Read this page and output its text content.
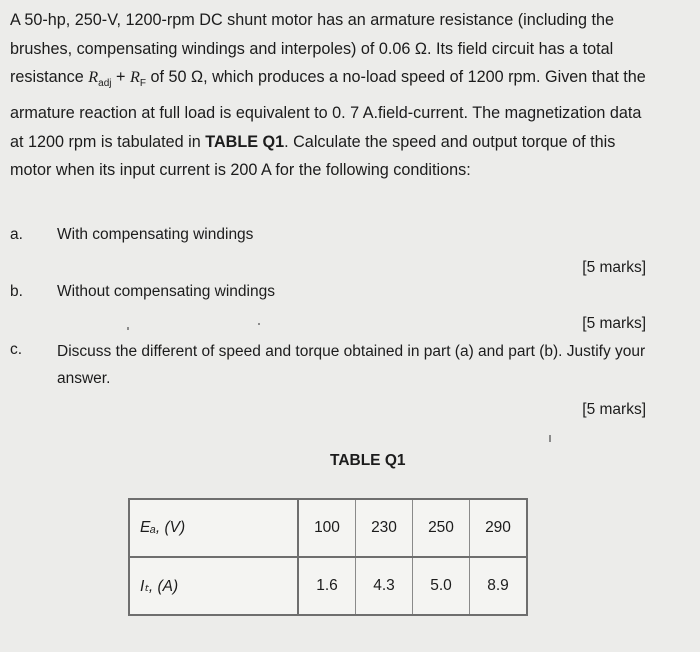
A 50-hp, 250-V, 1200-rpm DC shunt motor has an armature resistance (including the
brushes, compensating windings and interpoles) of 0.06 Ω. Its field circuit has a total
resistance $R_{adj} + R_F$ of 50 Ω, which produces a no-load speed of 1200 rpm. Given that the
armature reaction at full load is equivalent to 0. 7 A.field-current. The magnetization data
at 1200 rpm is tabulated in TABLE Q1. Calculate the speed and output torque of this
motor when its input current is 200 A for the following conditions:
a. With compensating windings
[5 marks]
b. Without compensating windings
[5 marks]
c. Discuss the different of speed and torque obtained in part (a) and part (b). Justify your answer.
[5 marks]
TABLE Q1
Eₐ, (V)	100	230	250	290
Iₜ, (A)	1.6	4.3	5.0	8.9
